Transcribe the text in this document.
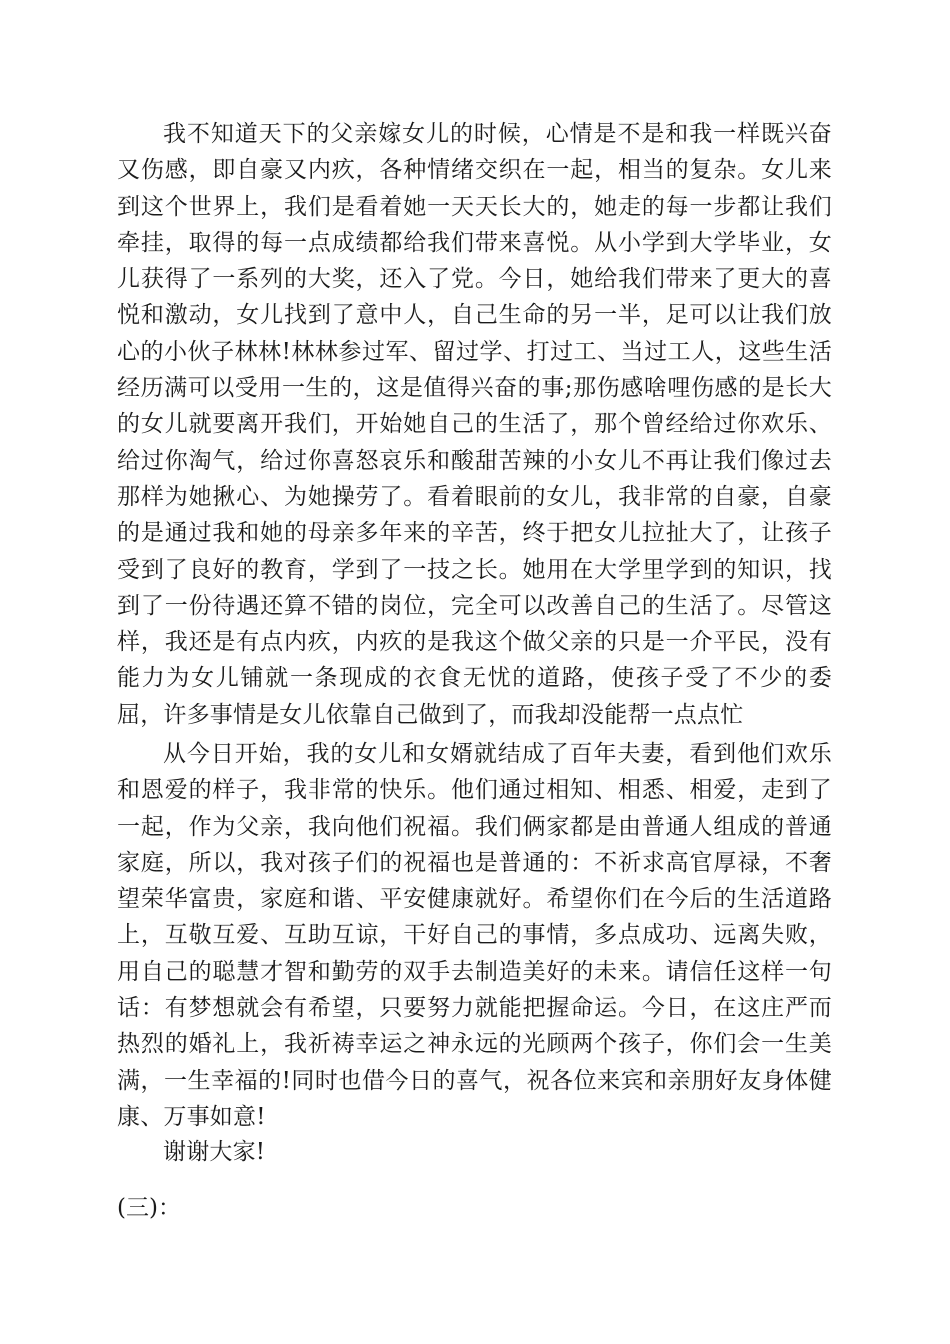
我不知道天下的父亲嫁女儿的时候，心情是不是和我一样既兴奋又伤感，即自豪又内疚，各种情绪交织在一起，相当的复杂。女儿来到这个世界上，我们是看着她一天天长大的，她走的每一步都让我们牵挂，取得的每一点成绩都给我们带来喜悦。从小学到大学毕业，女儿获得了一系列的大奖，还入了党。今日，她给我们带来了更大的喜悦和激动，女儿找到了意中人，自己生命的另一半，足可以让我们放心的小伙子林林!林林参过军、留过学、打过工、当过工人，这些生活经历满可以受用一生的，这是值得兴奋的事;那伤感啥哩伤感的是长大的女儿就要离开我们，开始她自己的生活了，那个曾经给过你欢乐、给过你淘气，给过你喜怒哀乐和酸甜苦辣的小女儿不再让我们像过去那样为她揪心、为她操劳了。看着眼前的女儿，我非常的自豪，自豪的是通过我和她的母亲多年来的辛苦，终于把女儿拉扯大了，让孩子受到了良好的教育，学到了一技之长。她用在大学里学到的知识，找到了一份待遇还算不错的岗位，完全可以改善自己的生活了。尽管这样，我还是有点内疚，内疚的是我这个做父亲的只是一介平民，没有能力为女儿铺就一条现成的衣食无忧的道路，使孩子受了不少的委屈，许多事情是女儿依靠自己做到了，而我却没能帮一点点忙

从今日开始，我的女儿和女婿就结成了百年夫妻，看到他们欢乐和恩爱的样子，我非常的快乐。他们通过相知、相悉、相爱，走到了一起，作为父亲，我向他们祝福。我们俩家都是由普通人组成的普通家庭，所以，我对孩子们的祝福也是普通的：不祈求高官厚禄，不奢望荣华富贵，家庭和谐、平安健康就好。希望你们在今后的生活道路上，互敬互爱、互助互谅，干好自己的事情，多点成功、远离失败，用自己的聪慧才智和勤劳的双手去制造美好的未来。请信任这样一句话：有梦想就会有希望，只要努力就能把握命运。今日，在这庄严而热烈的婚礼上，我祈祷幸运之神永远的光顾两个孩子，你们会一生美满，一生幸福的!同时也借今日的喜气，祝各位来宾和亲朋好友身体健康、万事如意!

谢谢大家!

(三)：
